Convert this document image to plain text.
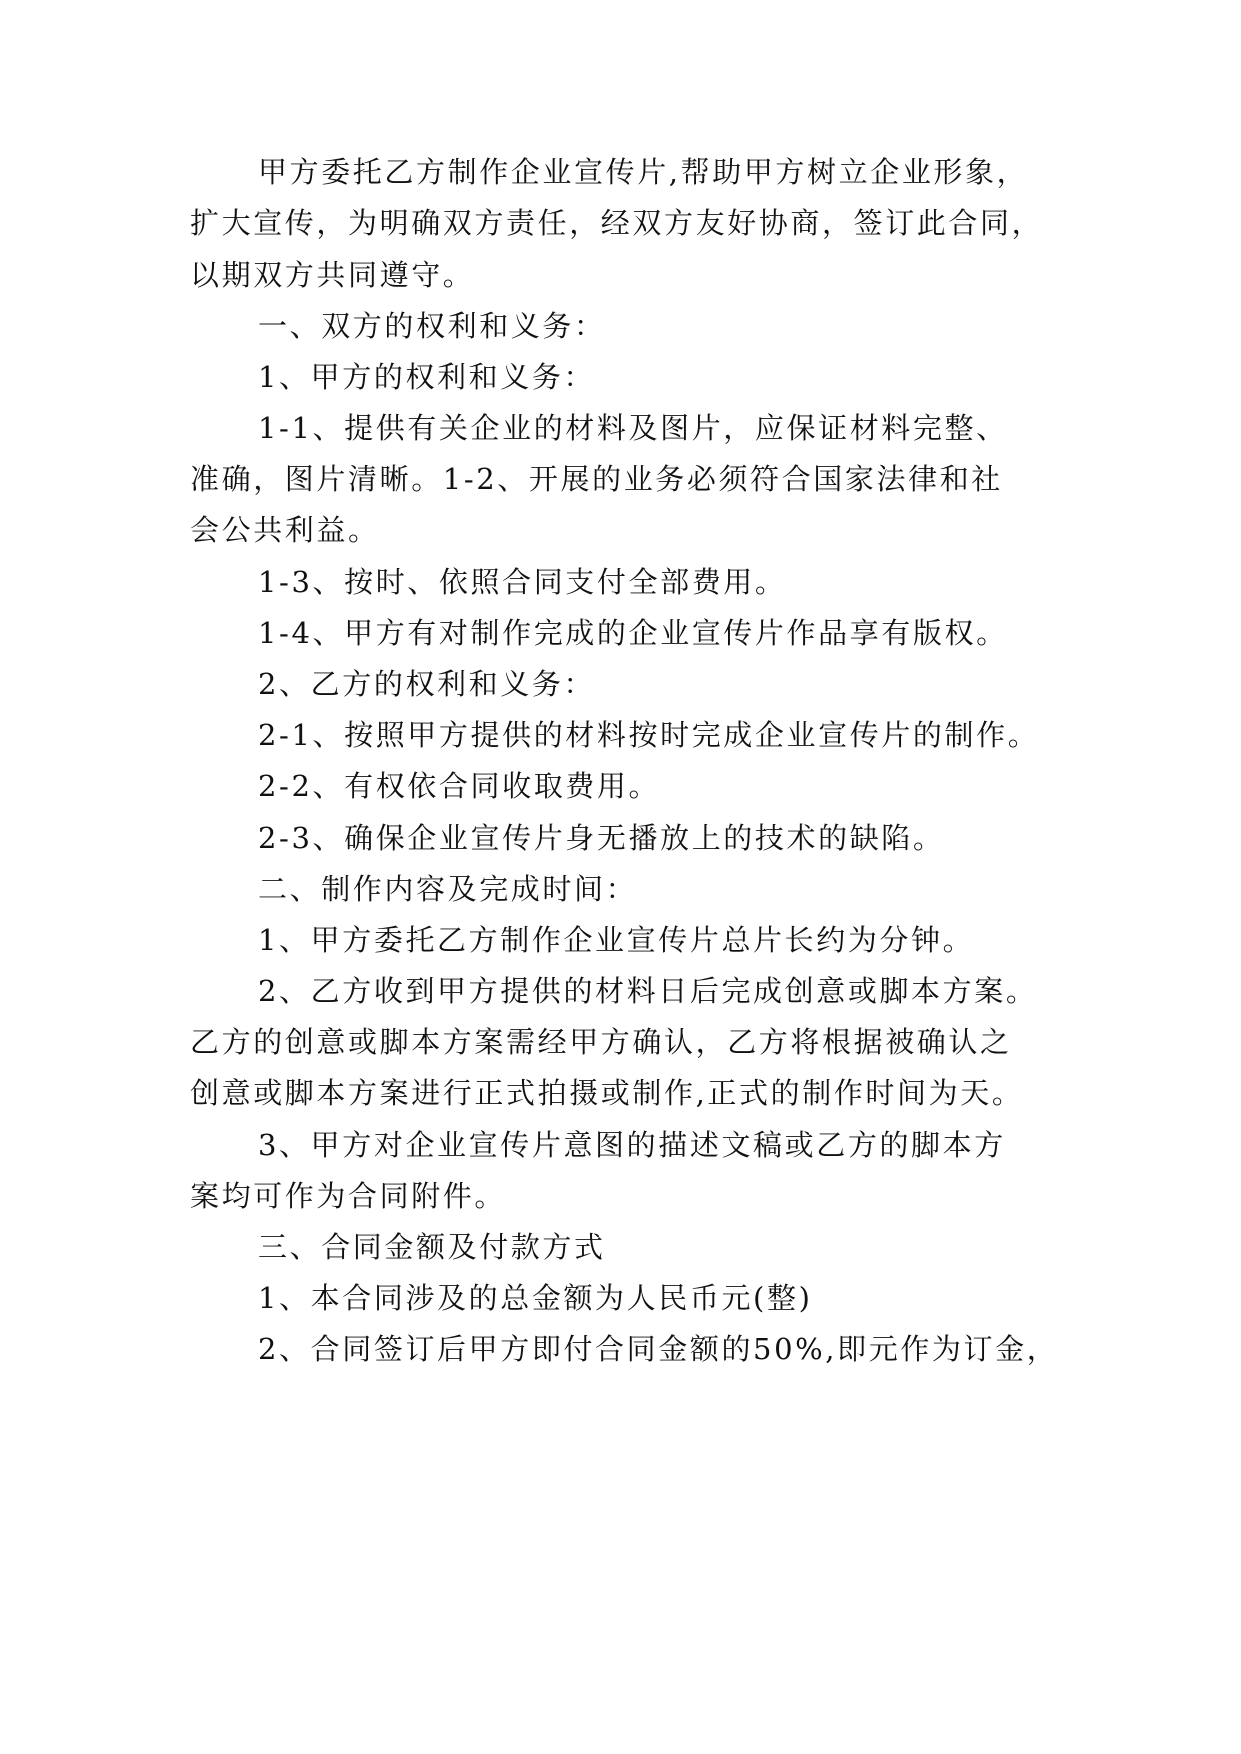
甲方委托乙方制作企业宣传片,帮助甲方树立企业形象，
扩大宣传，为明确双方责任，经双方友好协商，签订此合同，
以期双方共同遵守。
一、双方的权利和义务：
1、甲方的权利和义务：
1-1、提供有关企业的材料及图片，应保证材料完整、
准确，图片清晰。1-2、开展的业务必须符合国家法律和社
会公共利益。
1-3、按时、依照合同支付全部费用。
1-4、甲方有对制作完成的企业宣传片作品享有版权。
2、乙方的权利和义务：
2-1、按照甲方提供的材料按时完成企业宣传片的制作。
2-2、有权依合同收取费用。
2-3、确保企业宣传片身无播放上的技术的缺陷。
二、制作内容及完成时间：
1、甲方委托乙方制作企业宣传片总片长约为分钟。
2、乙方收到甲方提供的材料日后完成创意或脚本方案。
乙方的创意或脚本方案需经甲方确认，乙方将根据被确认之
创意或脚本方案进行正式拍摄或制作,正式的制作时间为天。
3、甲方对企业宣传片意图的描述文稿或乙方的脚本方
案均可作为合同附件。
三、合同金额及付款方式
1、本合同涉及的总金额为人民币元(整)
2、合同签订后甲方即付合同金额的50%,即元作为订金，
